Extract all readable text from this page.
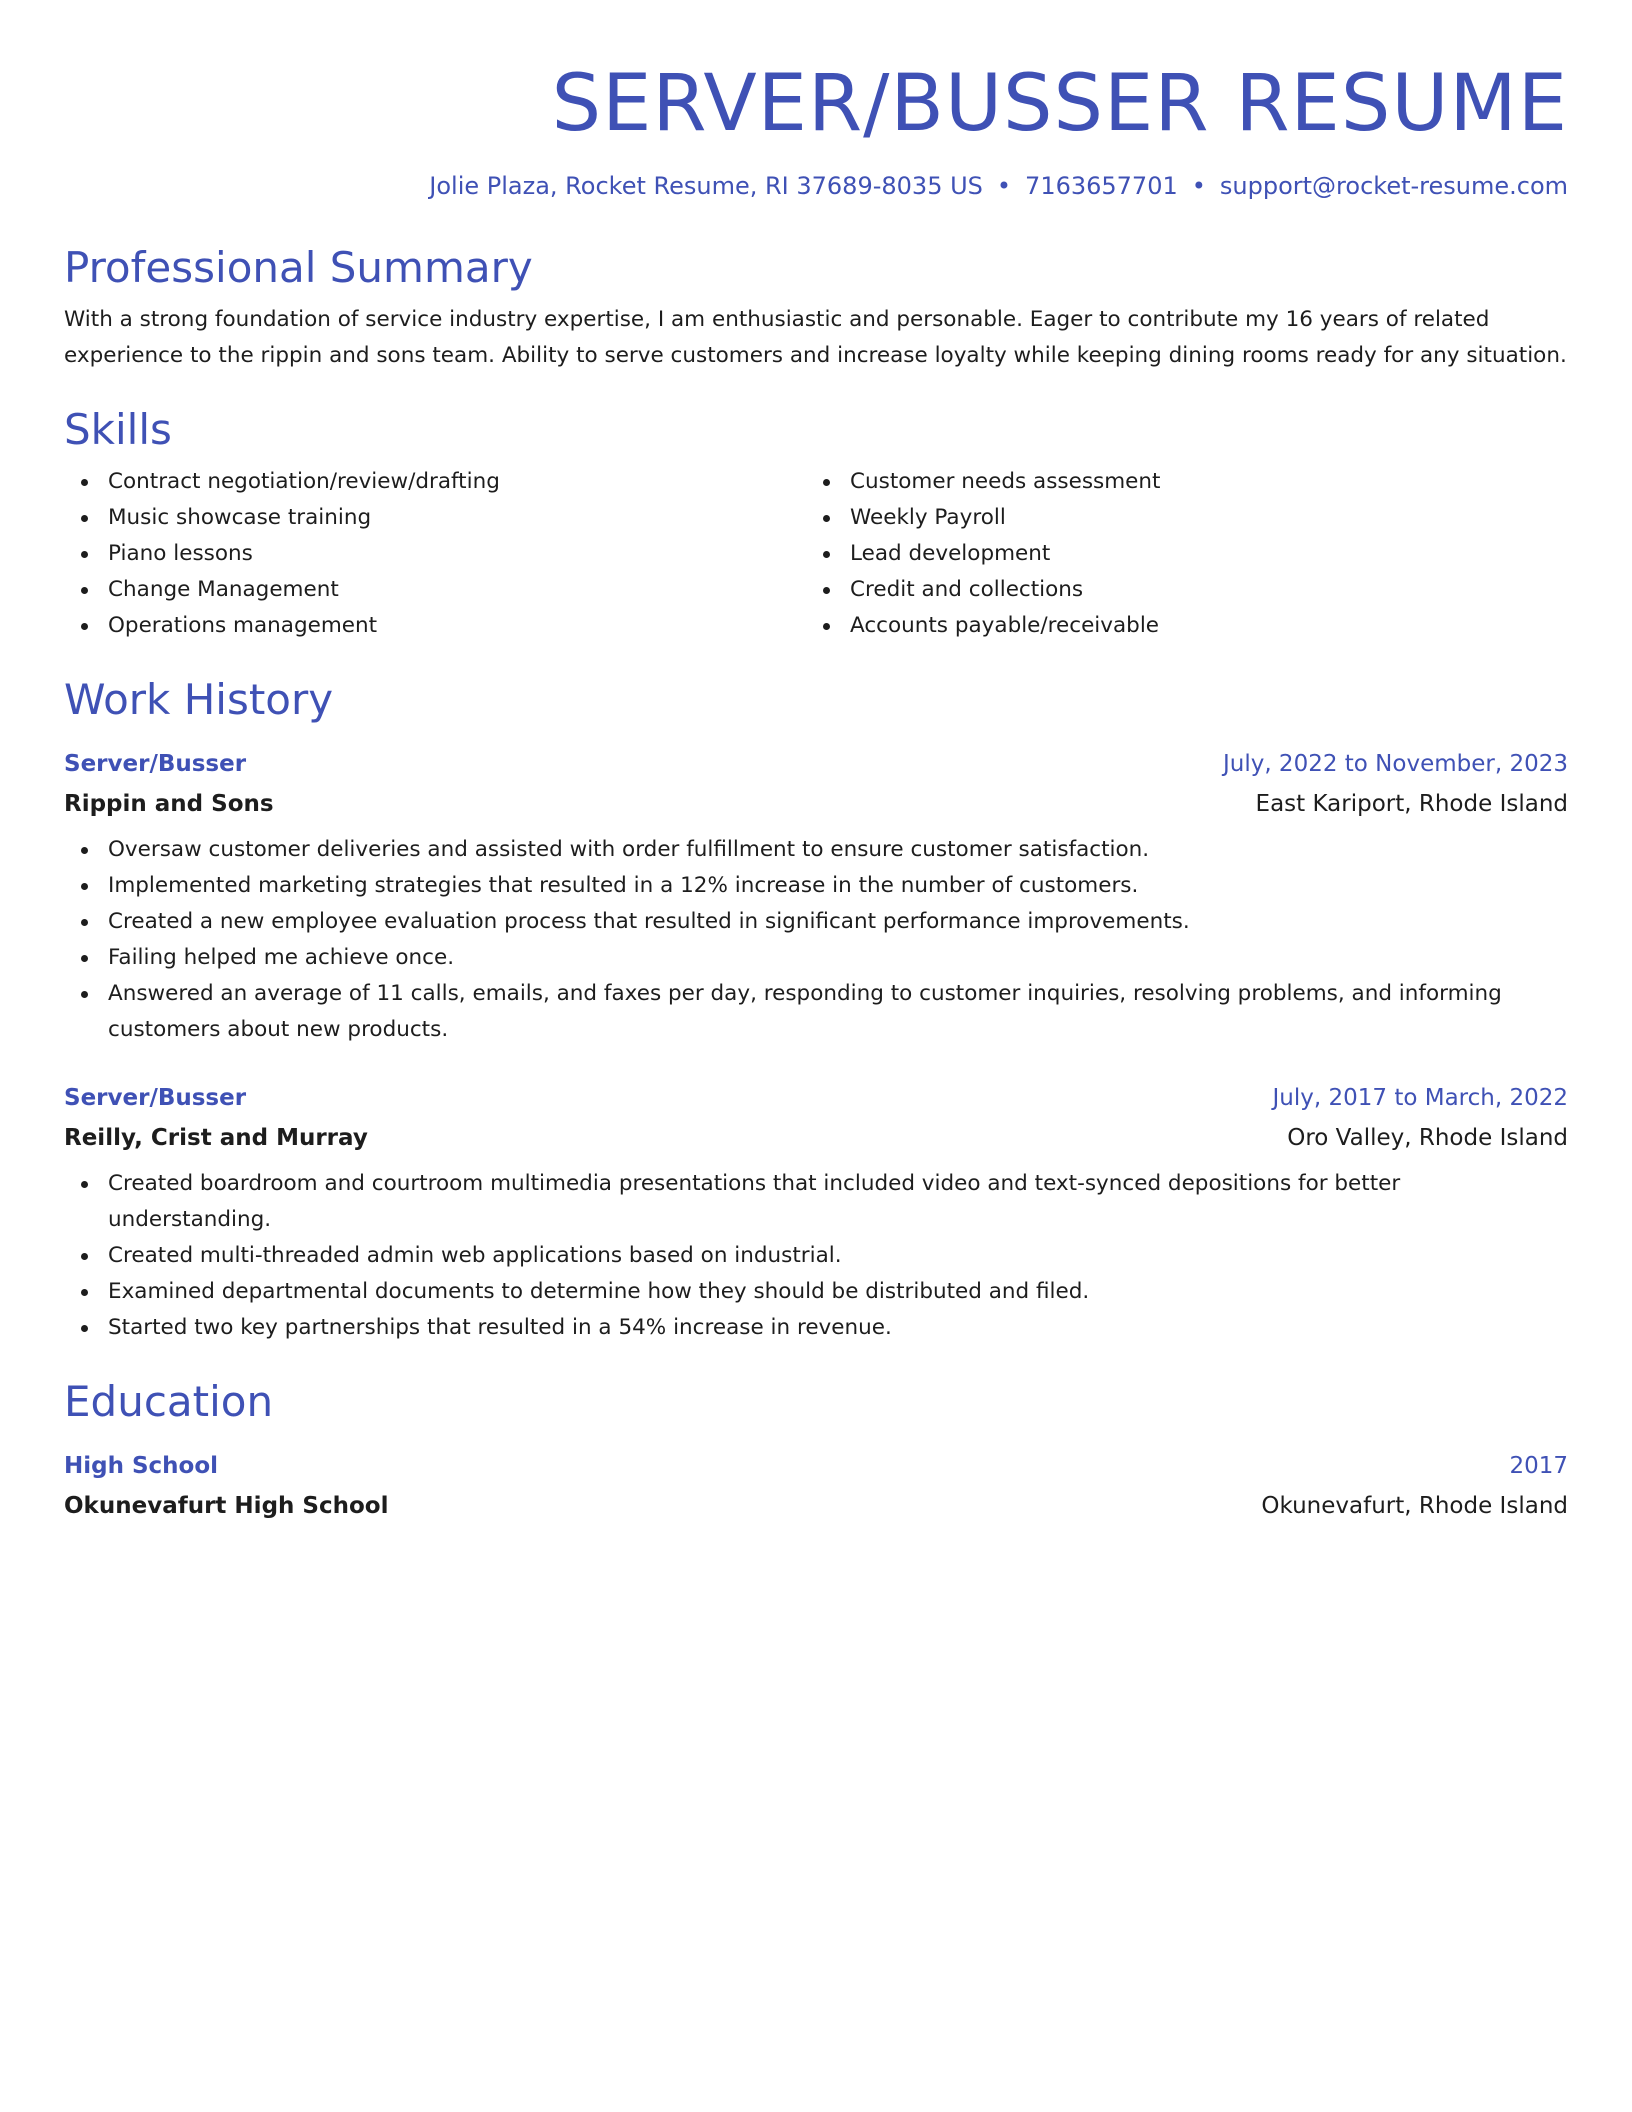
SERVER/BUSSER RESUME
Jolie Plaza, Rocket Resume, RI 37689-8035 US • 7163657701 • support@rocket-resume.com
Professional Summary
With a strong foundation of service industry expertise, I am enthusiastic and personable. Eager to contribute my 16 years of related experience to the rippin and sons team. Ability to serve customers and increase loyalty while keeping dining rooms ready for any situation.
Skills
Contract negotiation/review/drafting
Music showcase training
Piano lessons
Change Management
Operations management
Customer needs assessment
Weekly Payroll
Lead development
Credit and collections
Accounts payable/receivable
Work History
Server/Busser	July, 2022 to November, 2023
Rippin and Sons	East Kariport, Rhode Island
Oversaw customer deliveries and assisted with order fulfillment to ensure customer satisfaction.
Implemented marketing strategies that resulted in a 12% increase in the number of customers.
Created a new employee evaluation process that resulted in significant performance improvements.
Failing helped me achieve once.
Answered an average of 11 calls, emails, and faxes per day, responding to customer inquiries, resolving problems, and informing customers about new products.
Server/Busser	July, 2017 to March, 2022
Reilly, Crist and Murray	Oro Valley, Rhode Island
Created boardroom and courtroom multimedia presentations that included video and text-synced depositions for better understanding.
Created multi-threaded admin web applications based on industrial.
Examined departmental documents to determine how they should be distributed and filed.
Started two key partnerships that resulted in a 54% increase in revenue.
Education
High School	2017
Okunevafurt High School	Okunevafurt, Rhode Island
